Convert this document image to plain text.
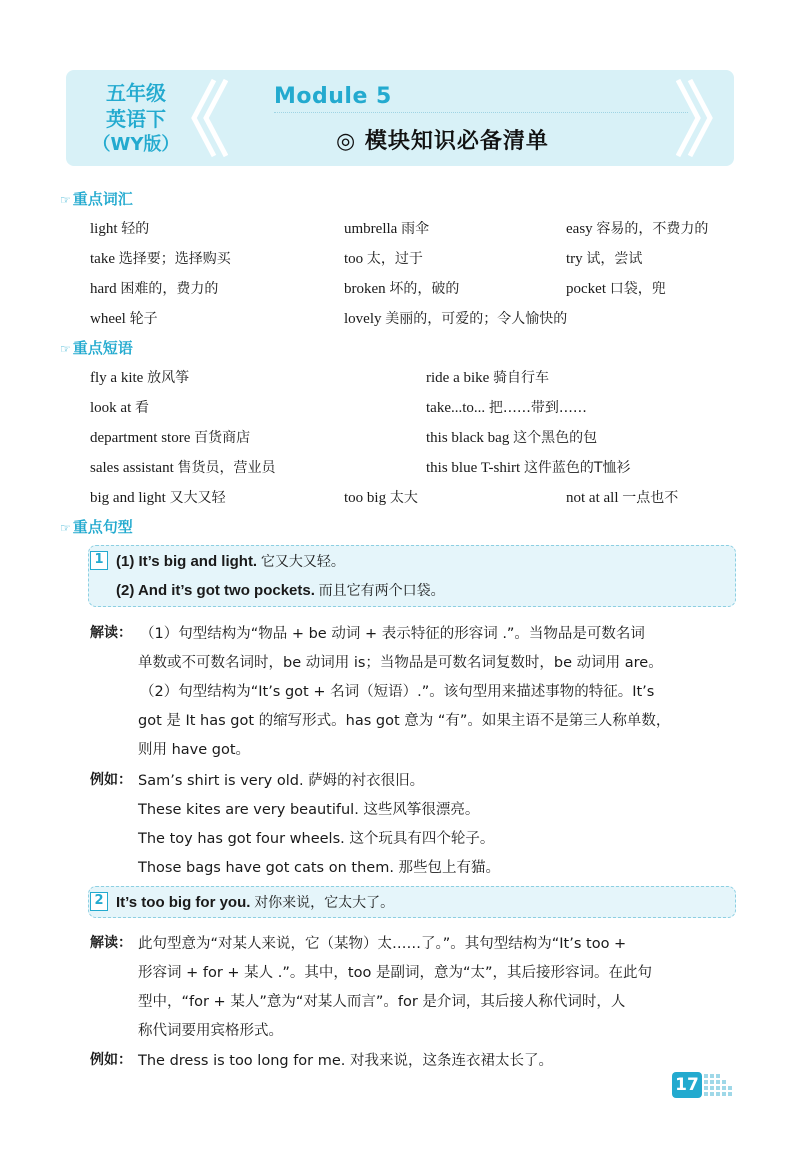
五年级
英语下
（WY版）
Module 5
◎ 模块知识必备清单
☞ 重点词汇
light 轻的	umbrella 雨伞	easy 容易的，不费力的
take 选择要；选择购买	too 太，过于	try 试，尝试
hard 困难的，费力的	broken 坏的，破的	pocket 口袋，兜
wheel 轮子	lovely 美丽的，可爱的；令人愉快的
☞ 重点短语
fly a kite 放风筝	ride a bike 骑自行车
look at 看	take...to... 把……带到……
department store 百货商店	this black bag 这个黑色的包
sales assistant 售货员，营业员	this blue T-shirt 这件蓝色的T恤衫
big and light 又大又轻	too big 太大	not at all 一点也不
☞ 重点句型
1 (1) It’s big and light. 它又大又轻。
(2) And it’s got two pockets. 而且它有两个口袋。
解读： （1）句型结构为“物品 + be 动词 + 表示特征的形容词 .”。当物品是可数名词
单数或不可数名词时，be 动词用 is；当物品是可数名词复数时，be 动词用 are。
（2）句型结构为“It’s got + 名词（短语）.”。该句型用来描述事物的特征。It’s
got 是 It has got 的缩写形式。has got 意为 “有”。如果主语不是第三人称单数，
则用 have got。
例如： Sam’s shirt is very old. 萨姆的衬衣很旧。
These kites are very beautiful. 这些风筝很漂亮。
The toy has got four wheels. 这个玩具有四个轮子。
Those bags have got cats on them. 那些包上有猫。
2 It’s too big for you. 对你来说，它太大了。
解读： 此句型意为“对某人来说，它（某物）太……了。”。其句型结构为“It’s too +
形容词 + for + 某人 .”。其中，too 是副词，意为“太”，其后接形容词。在此句
型中，“for + 某人”意为“对某人而言”。for 是介词，其后接人称代词时，人
称代词要用宾格形式。
例如： The dress is too long for me. 对我来说，这条连衣裙太长了。
17
